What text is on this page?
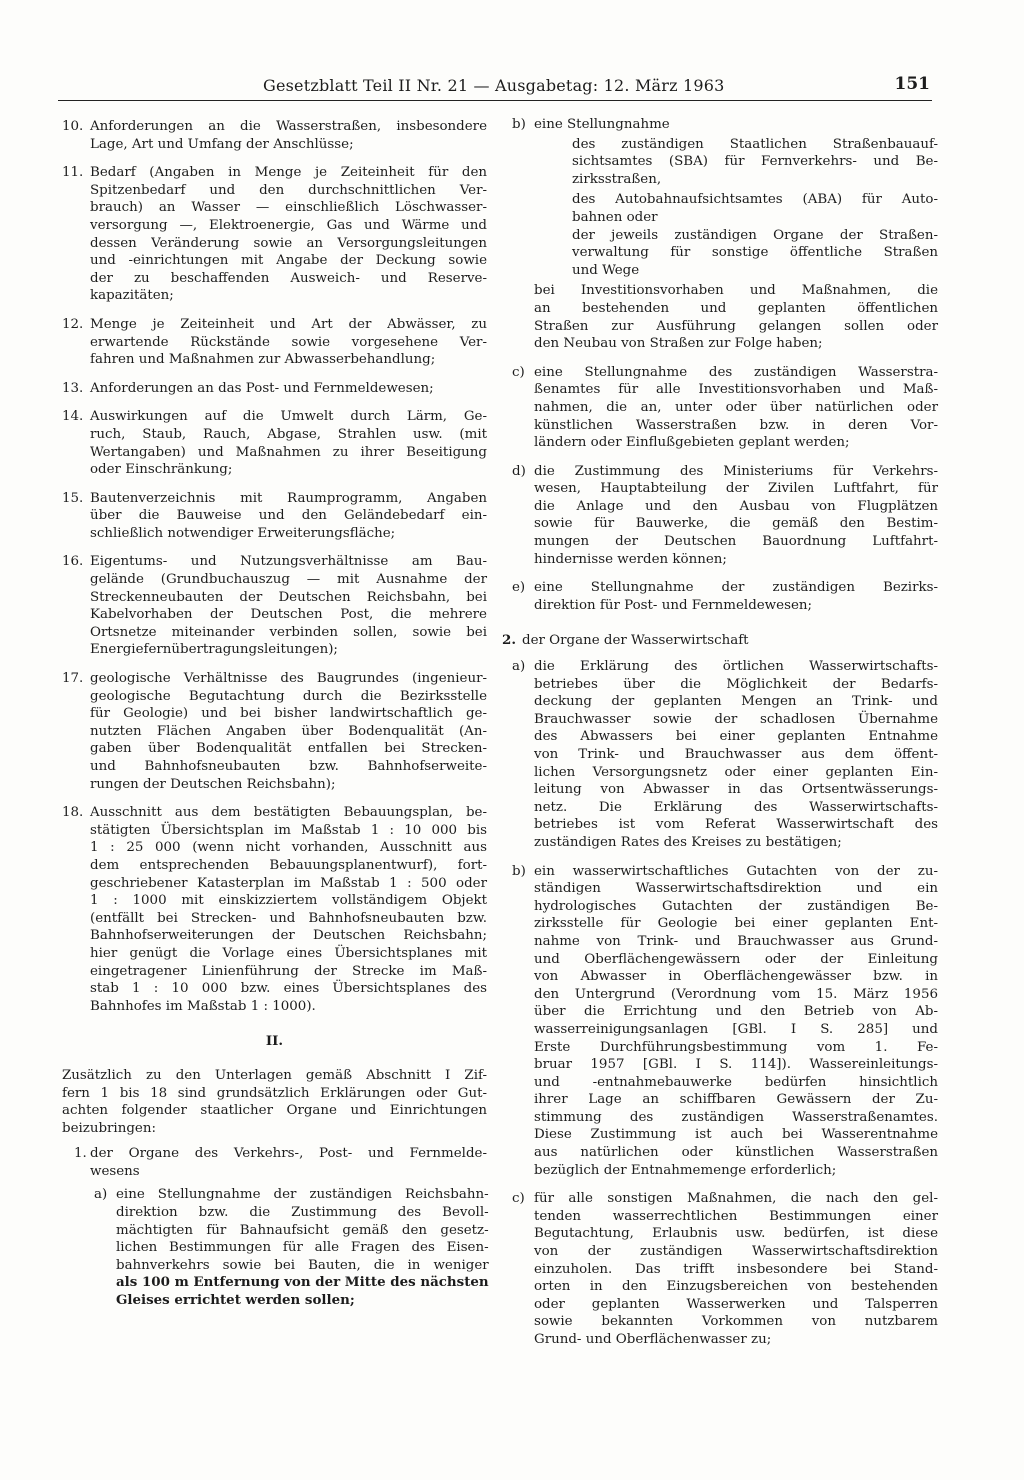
Gesetzblatt Teil II Nr. 21 — Ausgabetag: 12. März 1963	151
10. Anforderungen an die Wasserstraßen, insbesondere
Lage, Art und Umfang der Anschlüsse;
11. Bedarf (Angaben in Menge je Zeiteinheit für den
Spitzenbedarf und den durchschnittlichen Ver-
brauch) an Wasser — einschließlich Löschwasser-
versorgung —, Elektroenergie, Gas und Wärme und
dessen Veränderung sowie an Versorgungsleitungen
und -einrichtungen mit Angabe der Deckung sowie
der zu beschaffenden Ausweich- und Reserve-
kapazitäten;
12. Menge je Zeiteinheit und Art der Abwässer, zu
erwartende Rückstände sowie vorgesehene Ver-
fahren und Maßnahmen zur Abwasserbehandlung;
13. Anforderungen an das Post- und Fernmeldewesen;
14. Auswirkungen auf die Umwelt durch Lärm, Ge-
ruch, Staub, Rauch, Abgase, Strahlen usw. (mit
Wertangaben) und Maßnahmen zu ihrer Beseitigung
oder Einschränkung;
15. Bautenverzeichnis mit Raumprogramm, Angaben
über die Bauweise und den Geländebedarf ein-
schließlich notwendiger Erweiterungsfläche;
16. Eigentums- und Nutzungsverhältnisse am Bau-
gelände (Grundbuchauszug — mit Ausnahme der
Streckenneubauten der Deutschen Reichsbahn, bei
Kabelvorhaben der Deutschen Post, die mehrere
Ortsnetze miteinander verbinden sollen, sowie bei
Energiefernübertragungsleitungen);
17. geologische Verhältnisse des Baugrundes (ingenieur-
geologische Begutachtung durch die Bezirksstelle
für Geologie) und bei bisher landwirtschaftlich ge-
nutzten Flächen Angaben über Bodenqualität (An-
gaben über Bodenqualität entfallen bei Strecken-
und Bahnhofsneubauten bzw. Bahnhofserweite-
rungen der Deutschen Reichsbahn);
18. Ausschnitt aus dem bestätigten Bebauungsplan, be-
stätigten Übersichtsplan im Maßstab 1 : 10 000 bis
1 : 25 000 (wenn nicht vorhanden, Ausschnitt aus
dem entsprechenden Bebauungsplanentwurf), fort-
geschriebener Katasterplan im Maßstab 1 : 500 oder
1 : 1000 mit einskizziertem vollständigem Objekt
(entfällt bei Strecken- und Bahnhofsneubauten bzw.
Bahnhofserweiterungen der Deutschen Reichsbahn;
hier genügt die Vorlage eines Übersichtsplanes mit
eingetragener Linienführung der Strecke im Maß-
stab 1 : 10 000 bzw. eines Übersichtsplanes des
Bahnhofes im Maßstab 1 : 1000).
II.
Zusätzlich zu den Unterlagen gemäß Abschnitt I Zif-
fern 1 bis 18 sind grundsätzlich Erklärungen oder Gut-
achten folgender staatlicher Organe und Einrichtungen
beizubringen:
1. der Organe des Verkehrs-, Post- und Fernmelde-
wesens
a) eine Stellungnahme der zuständigen Reichsbahn-
direktion bzw. die Zustimmung des Bevoll-
mächtigten für Bahnaufsicht gemäß den gesetz-
lichen Bestimmungen für alle Fragen des Eisen-
bahnverkehrs sowie bei Bauten, die in weniger
als 100 m Entfernung von der Mitte des nächsten
Gleises errichtet werden sollen;
b) eine Stellungnahme
des zuständigen Staatlichen Straßenbauauf-
sichtsamtes (SBA) für Fernverkehrs- und Be-
zirksstraßen,
des Autobahnaufsichtsamtes (ABA) für Auto-
bahnen oder
der jeweils zuständigen Organe der Straßen-
verwaltung für sonstige öffentliche Straßen
und Wege
bei Investitionsvorhaben und Maßnahmen, die
an bestehenden und geplanten öffentlichen
Straßen zur Ausführung gelangen sollen oder
den Neubau von Straßen zur Folge haben;
c) eine Stellungnahme des zuständigen Wasserstra-
ßenamtes für alle Investitionsvorhaben und Maß-
nahmen, die an, unter oder über natürlichen oder
künstlichen Wasserstraßen bzw. in deren Vor-
ländern oder Einflußgebieten geplant werden;
d) die Zustimmung des Ministeriums für Verkehrs-
wesen, Hauptabteilung der Zivilen Luftfahrt, für
die Anlage und den Ausbau von Flugplätzen
sowie für Bauwerke, die gemäß den Bestim-
mungen der Deutschen Bauordnung Luftfahrt-
hindernisse werden können;
e) eine Stellungnahme der zuständigen Bezirks-
direktion für Post- und Fernmeldewesen;
2. der Organe der Wasserwirtschaft
a) die Erklärung des örtlichen Wasserwirtschafts-
betriebes über die Möglichkeit der Bedarfs-
deckung der geplanten Mengen an Trink- und
Brauchwasser sowie der schadlosen Übernahme
des Abwassers bei einer geplanten Entnahme
von Trink- und Brauchwasser aus dem öffent-
lichen Versorgungsnetz oder einer geplanten Ein-
leitung von Abwasser in das Ortsentwässerungs-
netz. Die Erklärung des Wasserwirtschafts-
betriebes ist vom Referat Wasserwirtschaft des
zuständigen Rates des Kreises zu bestätigen;
b) ein wasserwirtschaftliches Gutachten von der zu-
ständigen Wasserwirtschaftsdirektion und ein
hydrologisches Gutachten der zuständigen Be-
zirksstelle für Geologie bei einer geplanten Ent-
nahme von Trink- und Brauchwasser aus Grund-
und Oberflächengewässern oder der Einleitung
von Abwasser in Oberflächengewässer bzw. in
den Untergrund (Verordnung vom 15. März 1956
über die Errichtung und den Betrieb von Ab-
wasserreinigungsanlagen [GBl. I S. 285] und
Erste Durchführungsbestimmung vom 1. Fe-
bruar 1957 [GBl. I S. 114]). Wassereinleitungs-
und -entnahmebauwerke bedürfen hinsichtlich
ihrer Lage an schiffbaren Gewässern der Zu-
stimmung des zuständigen Wasserstraßenamtes.
Diese Zustimmung ist auch bei Wasserentnahme
aus natürlichen oder künstlichen Wasserstraßen
bezüglich der Entnahmemenge erforderlich;
c) für alle sonstigen Maßnahmen, die nach den gel-
tenden wasserrechtlichen Bestimmungen einer
Begutachtung, Erlaubnis usw. bedürfen, ist diese
von der zuständigen Wasserwirtschaftsdirektion
einzuholen. Das trifft insbesondere bei Stand-
orten in den Einzugsbereichen von bestehenden
oder geplanten Wasserwerken und Talsperren
sowie bekannten Vorkommen von nutzbarem
Grund- und Oberflächenwasser zu;
